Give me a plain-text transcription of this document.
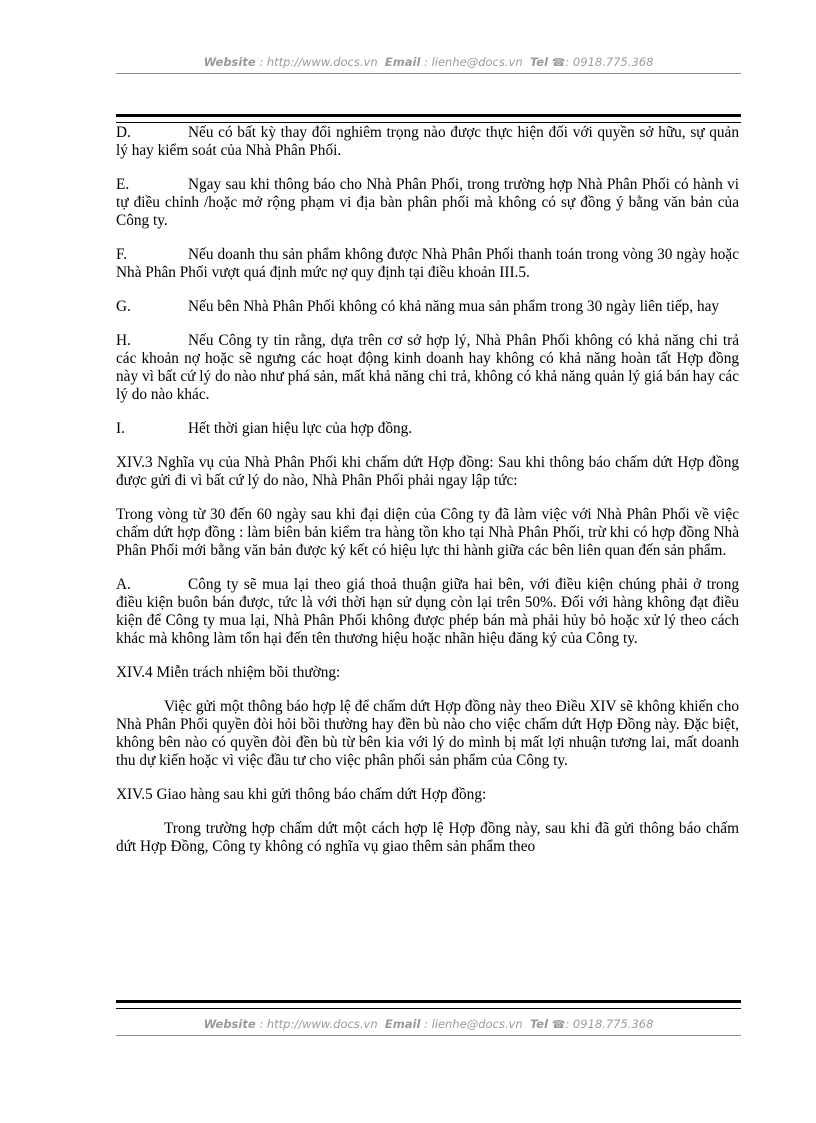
Website : http://www.docs.vn Email : lienhe@docs.vn Tel ☎: 0918.775.368

D.	Nếu có bất kỳ thay đổi nghiêm trọng nào được thực hiện đối với quyền sở hữu, sự quản lý hay kiểm soát của Nhà Phân Phối.

E.	Ngay sau khi thông báo cho Nhà Phân Phối, trong trường hợp Nhà Phân Phối có hành vi tự điều chỉnh /hoặc mở rộng phạm vi địa bàn phân phối mà không có sự đồng ý bằng văn bản của Công ty.

F.	Nếu doanh thu sản phẩm không được Nhà Phân Phối thanh toán trong vòng 30 ngày hoặc Nhà Phân Phối vượt quá định mức nợ quy định tại điều khoản III.5.

G.	Nếu bên Nhà Phân Phối không có khả năng mua sản phẩm trong 30 ngày liên tiếp, hay

H.	Nếu Công ty tin rằng, dựa trên cơ sở hợp lý, Nhà Phân Phối không có khả năng chi trả các khoản nợ hoặc sẽ ngưng các hoạt động kinh doanh hay không có khả năng hoàn tất Hợp đồng này vì bất cứ lý do nào như phá sản, mất khả năng chi trả, không có khả năng quản lý giá bán hay các lý do nào khác.

I.	Hết thời gian hiệu lực của hợp đồng.

XIV.3 Nghĩa vụ của Nhà Phân Phối khi chấm dứt Hợp đồng: Sau khi thông báo chấm dứt Hợp đồng được gửi đi vì bất cứ lý do nào, Nhà Phân Phối phải ngay lập tức:

Trong vòng từ 30 đến 60 ngày sau khi đại diện của Công ty đã làm việc với Nhà Phân Phối về việc chấm dứt hợp đồng : làm biên bản kiểm tra hàng tồn kho tại Nhà Phân Phối, trừ khi có hợp đồng Nhà Phân Phối mới bằng văn bản được ký kết có hiệu lực thi hành giữa các bên liên quan đến sản phẩm.

A.	Công ty sẽ mua lại theo giá thoả thuận giữa hai bên, với điều kiện chúng phải ở trong điều kiện buôn bán được, tức là với thời hạn sử dụng còn lại trên 50%. Đối với hàng không đạt điều kiện để Công ty mua lại, Nhà Phân Phối không được phép bán mà phải hủy bỏ hoặc xử lý theo cách khác mà không làm tổn hại đến tên thương hiệu hoặc nhãn hiệu đăng ký của Công ty.

XIV.4 Miễn trách nhiệm bồi thường:

Việc gửi một thông báo hợp lệ để chấm dứt Hợp đồng này theo Điều XIV sẽ không khiến cho Nhà Phân Phối quyền đòi hỏi bồi thường hay đền bù nào cho việc chấm dứt Hợp Đồng này. Đặc biệt, không bên nào có quyền đòi đền bù từ bên kia với lý do mình bị mất lợi nhuận tương lai, mất doanh thu dự kiến hoặc vì việc đầu tư cho việc phân phối sản phẩm của Công ty.

XIV.5 Giao hàng sau khi gửi thông báo chấm dứt Hợp đồng:

Trong trường hợp chấm dứt một cách hợp lệ Hợp đồng này, sau khi đã gửi thông báo chấm dứt Hợp Đồng, Công ty không có nghĩa vụ giao thêm sản phẩm theo

Website : http://www.docs.vn Email : lienhe@docs.vn Tel ☎: 0918.775.368
